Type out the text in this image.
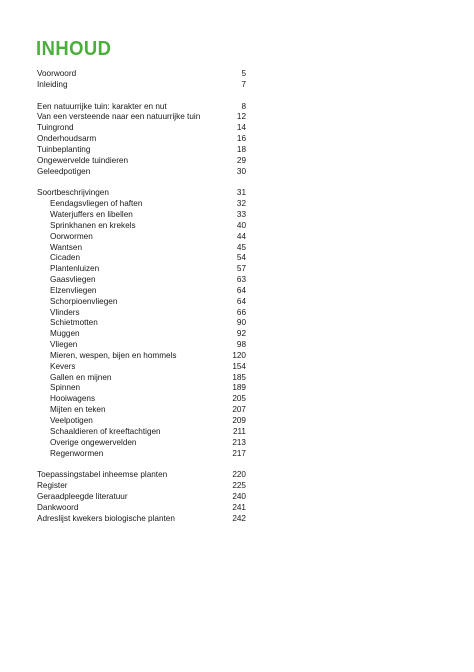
INHOUD
Voorwoord	5
Inleiding	7
Een natuurrijke tuin: karakter en nut	8
Van een versteende naar een natuurrijke tuin	12
Tuingrond	14
Onderhoudsarm	16
Tuinbeplanting	18
Ongewervelde tuindieren	29
Geleedpotigen	30
Soortbeschrijvingen	31
Eendagsvliegen of haften	32
Waterjuffers en libellen	33
Sprinkhanen en krekels	40
Oorwormen	44
Wantsen	45
Cicaden	54
Plantenluizen	57
Gaasvliegen	63
Elzenvliegen	64
Schorpioenvliegen	64
Vlinders	66
Schietmotten	90
Muggen	92
Vliegen	98
Mieren, wespen, bijen en hommels	120
Kevers	154
Gallen en mijnen	185
Spinnen	189
Hooiwagens	205
Mijten en teken	207
Veelpotigen	209
Schaaldieren of kreeftachtigen	211
Overige ongewervelden	213
Regenwormen	217
Toepassingstabel inheemse planten	220
Register	225
Geraadpleegde literatuur	240
Dankwoord	241
Adreslijst kwekers biologische planten	242
